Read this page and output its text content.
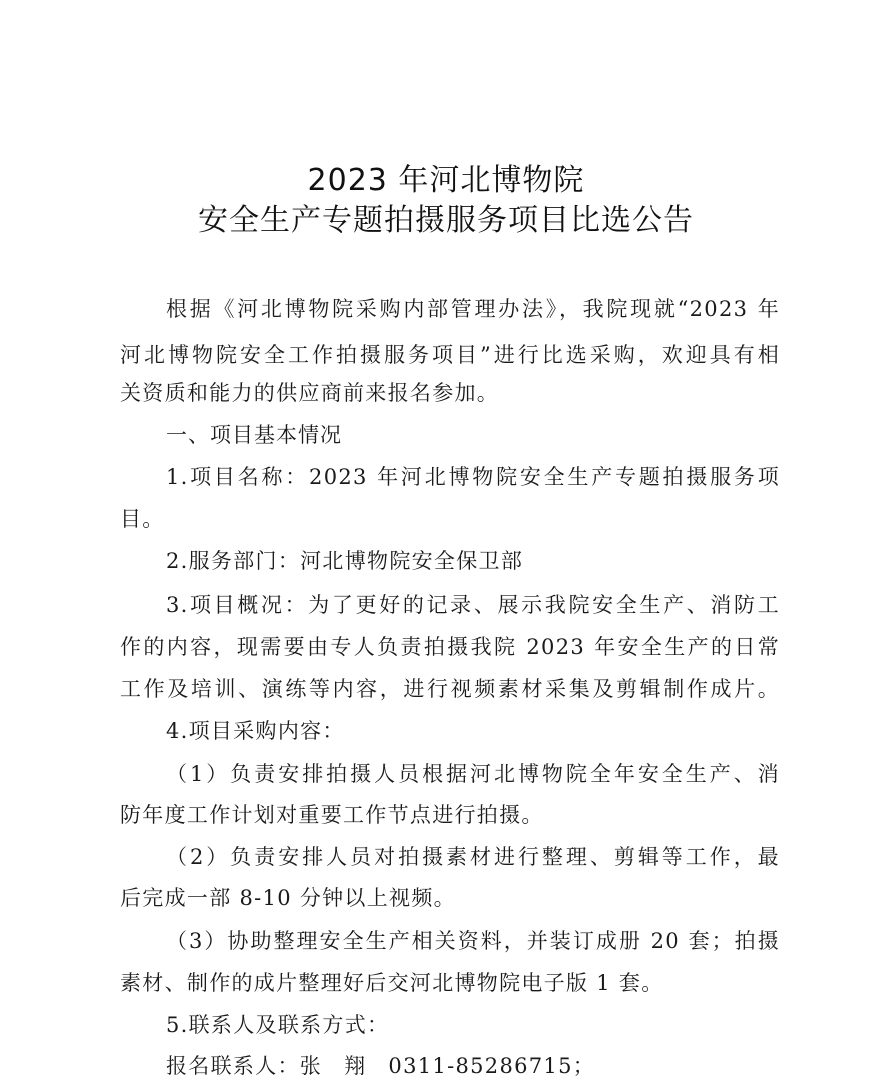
2023 年河北博物院
安全生产专题拍摄服务项目比选公告
根据《河北博物院采购内部管理办法》，我院现就“2023 年
河北博物院安全工作拍摄服务项目”进行比选采购，欢迎具有相
关资质和能力的供应商前来报名参加。
一、项目基本情况
1.项目名称：2023 年河北博物院安全生产专题拍摄服务项
目。
2.服务部门：河北博物院安全保卫部
3.项目概况：为了更好的记录、展示我院安全生产、消防工
作的内容，现需要由专人负责拍摄我院 2023 年安全生产的日常
工作及培训、演练等内容，进行视频素材采集及剪辑制作成片。
4.项目采购内容：
（1）负责安排拍摄人员根据河北博物院全年安全生产、消
防年度工作计划对重要工作节点进行拍摄。
（2）负责安排人员对拍摄素材进行整理、剪辑等工作，最
后完成一部 8-10 分钟以上视频。
（3）协助整理安全生产相关资料，并装订成册 20 套；拍摄
素材、制作的成片整理好后交河北博物院电子版 1 套。
5.联系人及联系方式：
报名联系人：张 翔 0311-85286715；
